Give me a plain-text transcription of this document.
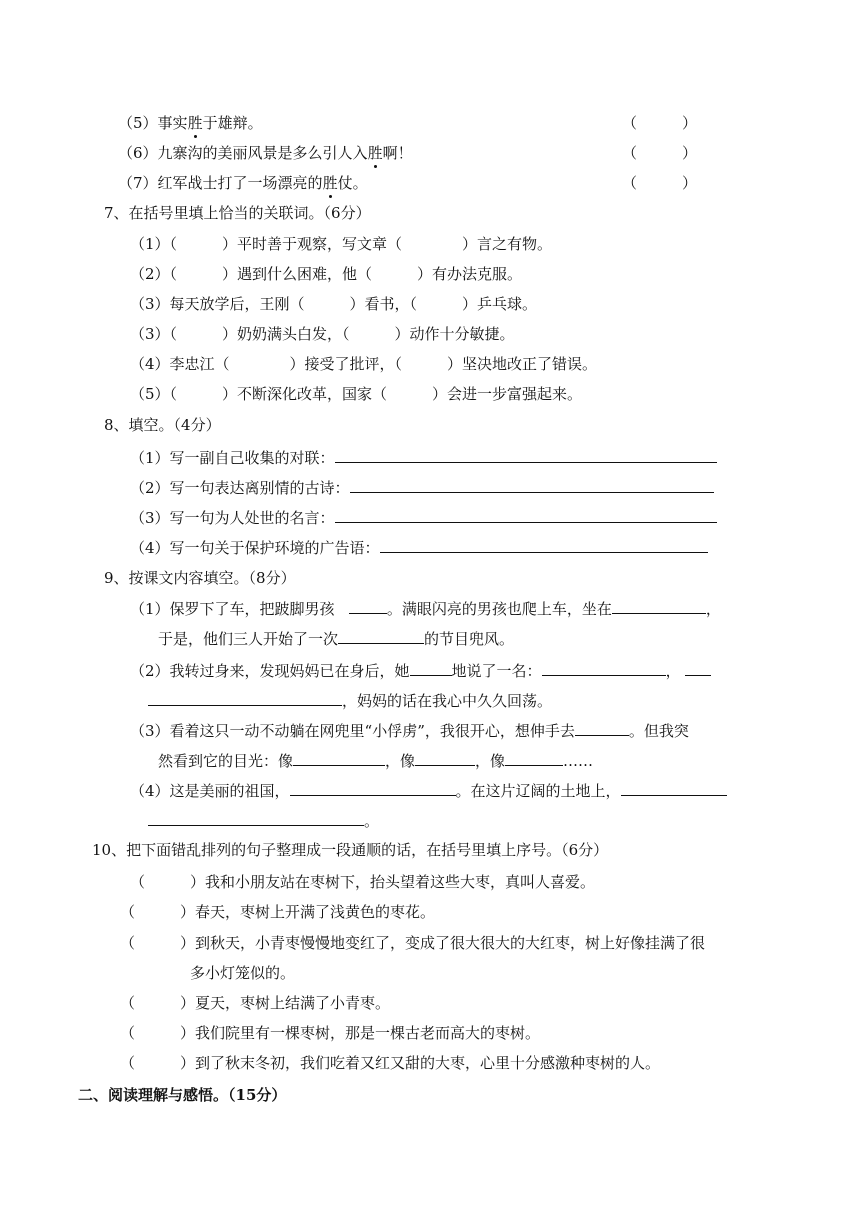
（5）事实胜于雄辩。	（　　　）
（6）九寨沟的美丽风景是多么引人入胜啊！	（　　　）
（7）红军战士打了一场漂亮的胜仗。	（　　　）
7、在括号里填上恰当的关联词。（6分）
（1）（　　　）平时善于观察，写文章（　　　　）言之有物。
（2）（　　　）遇到什么困难，他（　　　）有办法克服。
（3）每天放学后，王刚（　　　）看书，（　　　）乒乓球。
（3）（　　　）奶奶满头白发，（　　　）动作十分敏捷。
（4）李忠江（　　　　）接受了批评，（　　　）坚决地改正了错误。
（5）（　　　）不断深化改革，国家（　　　）会进一步富强起来。
8、填空。（4分）
（1）写一副自己收集的对联：
（2）写一句表达离别情的古诗：
（3）写一句为人处世的名言：
（4）写一句关于保护环境的广告语：
9、按课文内容填空。（8分）
（1）保罗下了车，把跛脚男孩	。满眼闪亮的男孩也爬上车，坐在	，
于是，他们三人开始了一次	的节目兜风。
（2）我转过身来，发现妈妈已在身后，她	地说了一名：	，
，妈妈的话在我心中久久回荡。
（3）看着这只一动不动躺在网兜里“小俘虏”，我很开心，想伸手去	。但我突
然看到它的目光：像	，像	，像	……
（4）这是美丽的祖国，	。在这片辽阔的土地上，
。
10、把下面错乱排列的句子整理成一段通顺的话，在括号里填上序号。（6分）
（　　　）我和小朋友站在枣树下，抬头望着这些大枣，真叫人喜爱。
（　　　）春天，枣树上开满了浅黄色的枣花。
（　　　）到秋天，小青枣慢慢地变红了，变成了很大很大的大红枣，树上好像挂满了很
多小灯笼似的。
（　　　）夏天，枣树上结满了小青枣。
（　　　）我们院里有一棵枣树，那是一棵古老而高大的枣树。
（　　　）到了秋末冬初，我们吃着又红又甜的大枣，心里十分感激种枣树的人。
二、阅读理解与感悟。（15分）
